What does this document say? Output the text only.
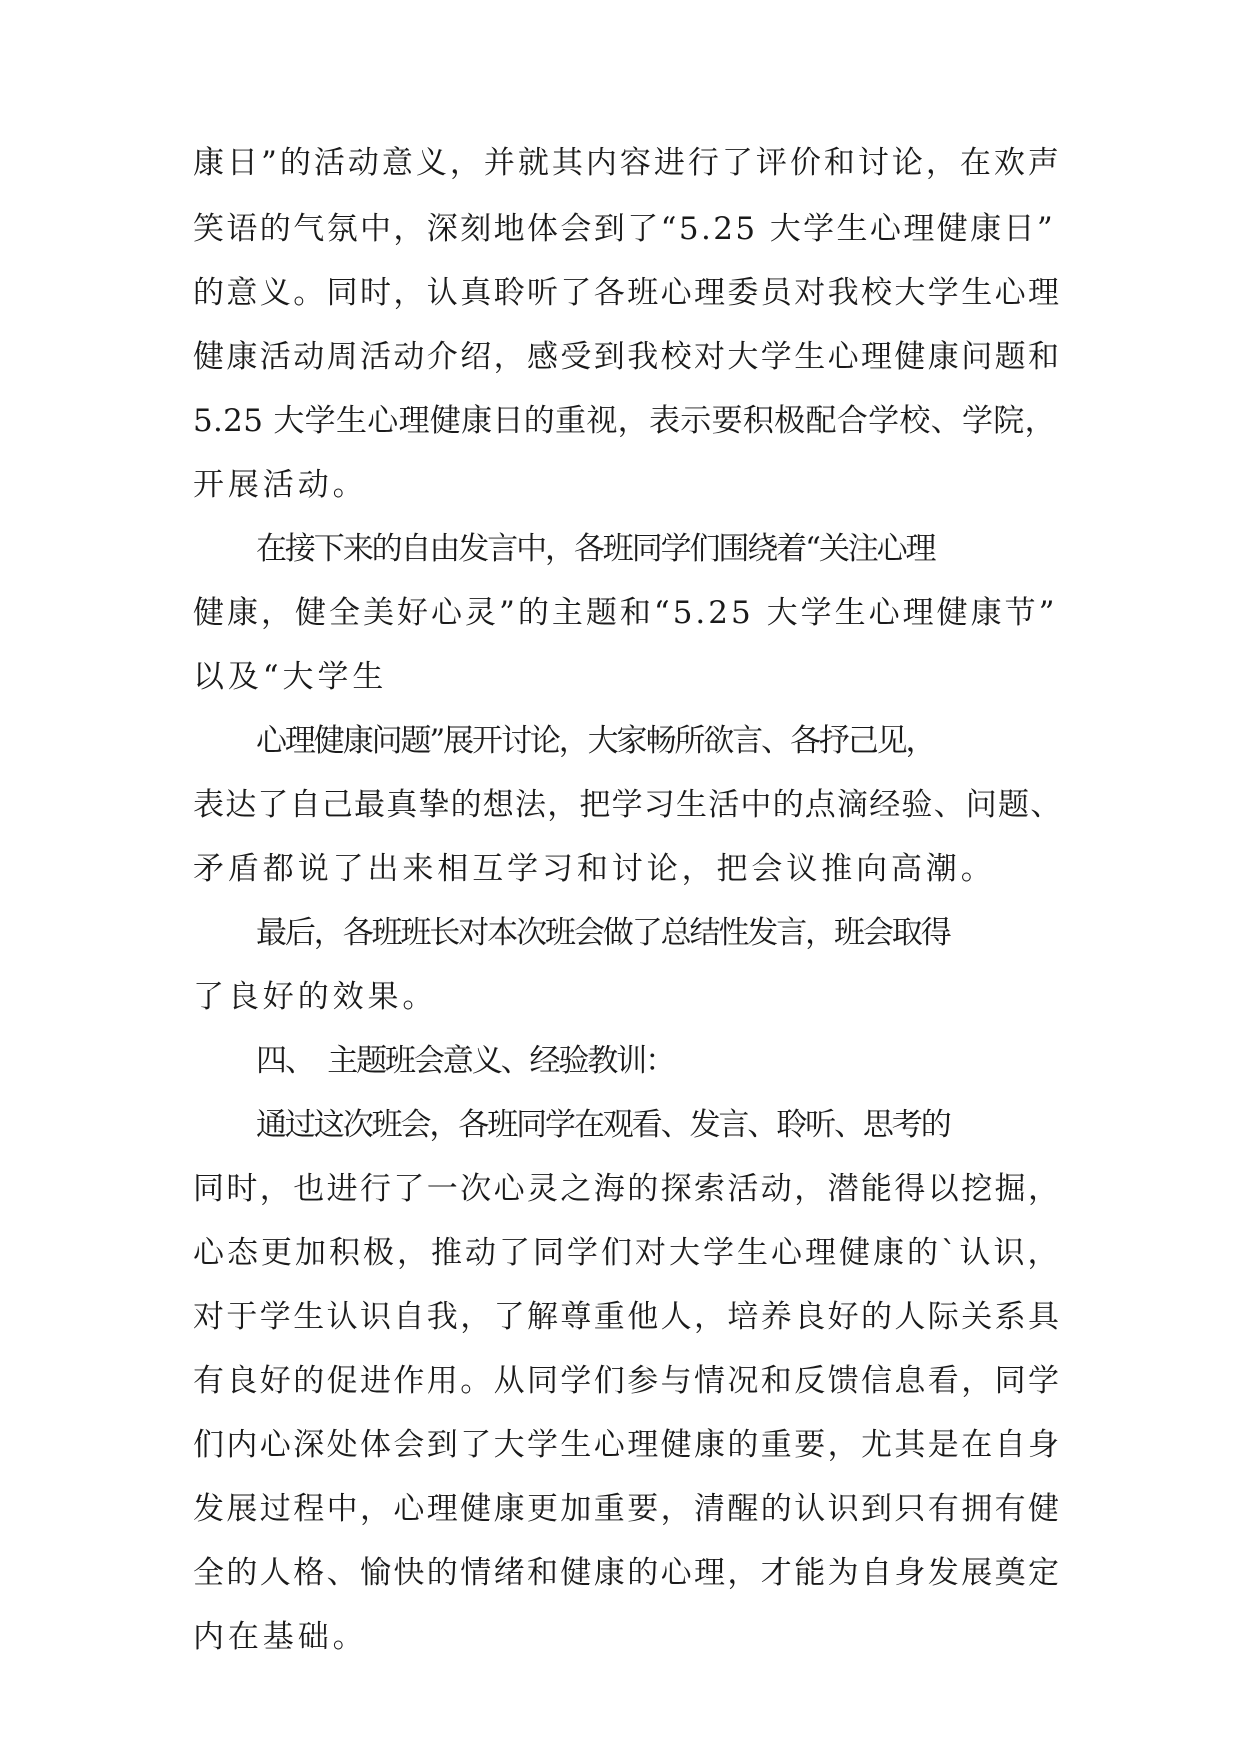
康日”的活动意义，并就其内容进行了评价和讨论，在欢声

笑语的气氛中，深刻地体会到了“5.25 大学生心理健康日”

的意义。同时，认真聆听了各班心理委员对我校大学生心理

健康活动周活动介绍，感受到我校对大学生心理健康问题和

5.25 大学生心理健康日的重视，表示要积极配合学校、学院，

开展活动。

在接下来的自由发言中，各班同学们围绕着“关注心理

健康，健全美好心灵”的主题和“5.25 大学生心理健康节”

以及“大学生

心理健康问题”展开讨论，大家畅所欲言、各抒己见，

表达了自己最真挚的想法，把学习生活中的点滴经验、问题、

矛盾都说了出来相互学习和讨论，把会议推向高潮。

最后，各班班长对本次班会做了总结性发言，班会取得

了良好的效果。

四、　主题班会意义、经验教训：

通过这次班会，各班同学在观看、发言、聆听、思考的

同时，也进行了一次心灵之海的探索活动，潜能得以挖掘，

心态更加积极，推动了同学们对大学生心理健康的`认识，

对于学生认识自我，了解尊重他人，培养良好的人际关系具

有良好的促进作用。从同学们参与情况和反馈信息看，同学

们内心深处体会到了大学生心理健康的重要，尤其是在自身

发展过程中，心理健康更加重要，清醒的认识到只有拥有健

全的人格、愉快的情绪和健康的心理，才能为自身发展奠定

内在基础。
